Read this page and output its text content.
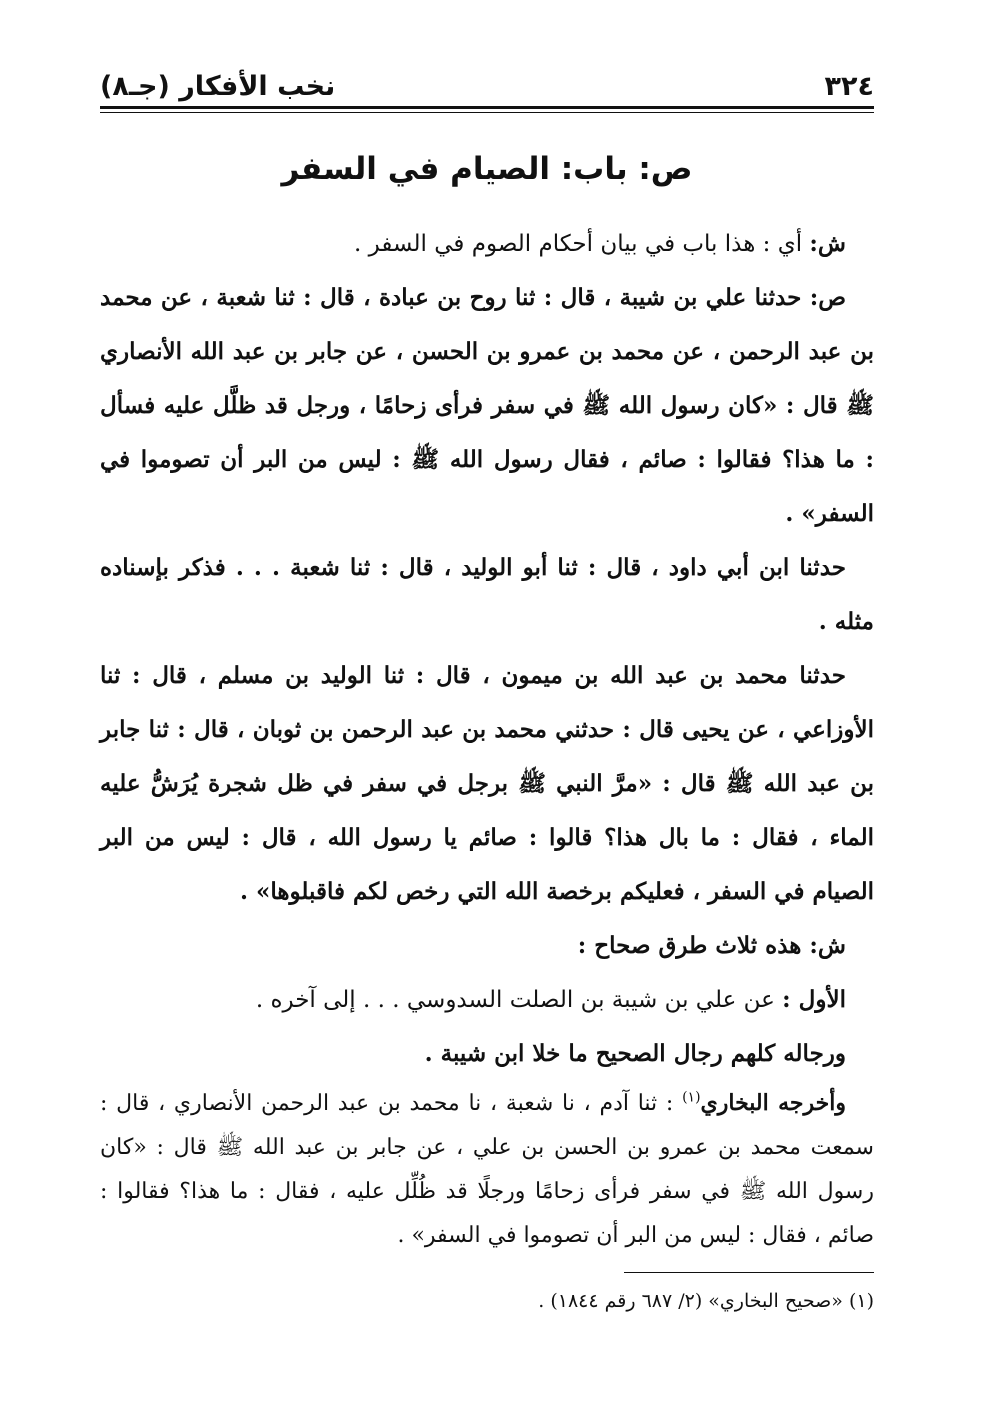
٣٢٤
نخب الأفكار (جـ٨)
ص: باب: الصيام في السفر

ش: أي : هذا باب في بيان أحكام الصوم في السفر .

ص: حدثنا علي بن شيبة ، قال : ثنا روح بن عبادة ، قال : ثنا شعبة ، عن محمد بن عبد الرحمن ، عن محمد بن عمرو بن الحسن ، عن جابر بن عبد الله الأنصاري ﷺ قال : «كان رسول الله ﷺ في سفر فرأى زحامًا ، ورجل قد ظلَّل عليه فسأل : ما هذا؟ فقالوا : صائم ، فقال رسول الله ﷺ : ليس من البر أن تصوموا في السفر» .

حدثنا ابن أبي داود ، قال : ثنا أبو الوليد ، قال : ثنا شعبة . . . فذكر بإسناده مثله .

حدثنا محمد بن عبد الله بن ميمون ، قال : ثنا الوليد بن مسلم ، قال : ثنا الأوزاعي ، عن يحيى قال : حدثني محمد بن عبد الرحمن بن ثوبان ، قال : ثنا جابر بن عبد الله ﷺ قال : «مرَّ النبي ﷺ برجل في سفر في ظل شجرة يُرَشُّ عليه الماء ، فقال : ما بال هذا؟ قالوا : صائم يا رسول الله ، قال : ليس من البر الصيام في السفر ، فعليكم برخصة الله التي رخص لكم فاقبلوها» .

ش: هذه ثلاث طرق صحاح :

الأول : عن علي بن شيبة بن الصلت السدوسي . . . إلى آخره .

ورجاله كلهم رجال الصحيح ما خلا ابن شيبة .

وأخرجه البخاري$^{(١)}$ : ثنا آدم ، نا شعبة ، نا محمد بن عبد الرحمن الأنصاري ، قال : سمعت محمد بن عمرو بن الحسن بن علي ، عن جابر بن عبد الله ﷺ قال : «كان رسول الله ﷺ في سفر فرأى زحامًا ورجلًا قد ظُلِّل عليه ، فقال : ما هذا؟ فقالوا : صائم ، فقال : ليس من البر أن تصوموا في السفر» .

(١) «صحيح البخاري» (٢/ ٦٨٧ رقم ١٨٤٤) .
